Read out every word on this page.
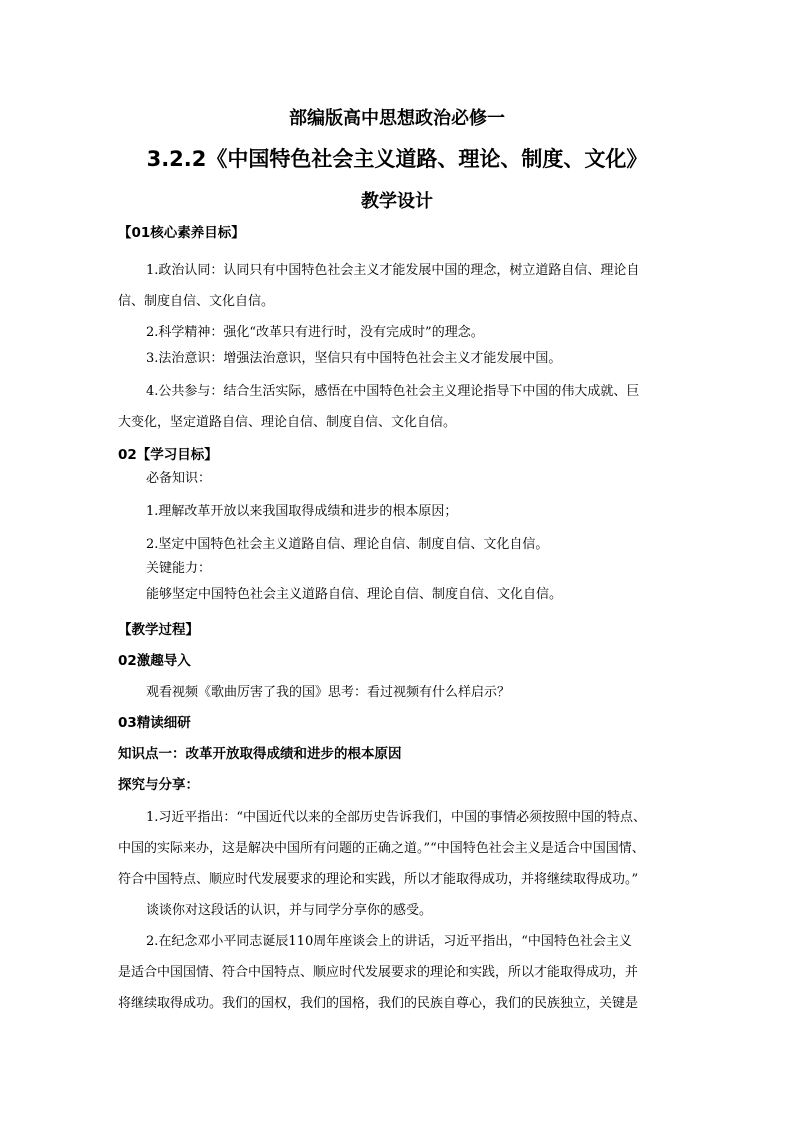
部编版高中思想政治必修一
3.2.2《中国特色社会主义道路、理论、制度、文化》
教学设计
【01核心素养目标】
1.政治认同：认同只有中国特色社会主义才能发展中国的理念，树立道路自信、理论自
信、制度自信、文化自信。
2.科学精神：强化“改革只有进行时，没有完成时”的理念。
3.法治意识：增强法治意识，坚信只有中国特色社会主义才能发展中国。
4.公共参与：结合生活实际，感悟在中国特色社会主义理论指导下中国的伟大成就、巨
大变化，坚定道路自信、理论自信、制度自信、文化自信。
02【学习目标】
必备知识：
1.理解改革开放以来我国取得成绩和进步的根本原因；
2.坚定中国特色社会主义道路自信、理论自信、制度自信、文化自信。
关键能力：
能够坚定中国特色社会主义道路自信、理论自信、制度自信、文化自信。
【教学过程】
02激趣导入
观看视频《歌曲厉害了我的国》思考：看过视频有什么样启示？
03精读细研
知识点一：改革开放取得成绩和进步的根本原因
探究与分享：
1.习近平指出：“中国近代以来的全部历史告诉我们，中国的事情必须按照中国的特点、
中国的实际来办，这是解决中国所有问题的正确之道。”“中国特色社会主义是适合中国国情、
符合中国特点、顺应时代发展要求的理论和实践，所以才能取得成功，并将继续取得成功。”
谈谈你对这段话的认识，并与同学分享你的感受。
2.在纪念邓小平同志诞辰110周年座谈会上的讲话，习近平指出，“中国特色社会主义
是适合中国国情、符合中国特点、顺应时代发展要求的理论和实践，所以才能取得成功，并
将继续取得成功。我们的国权，我们的国格，我们的民族自尊心，我们的民族独立，关键是
